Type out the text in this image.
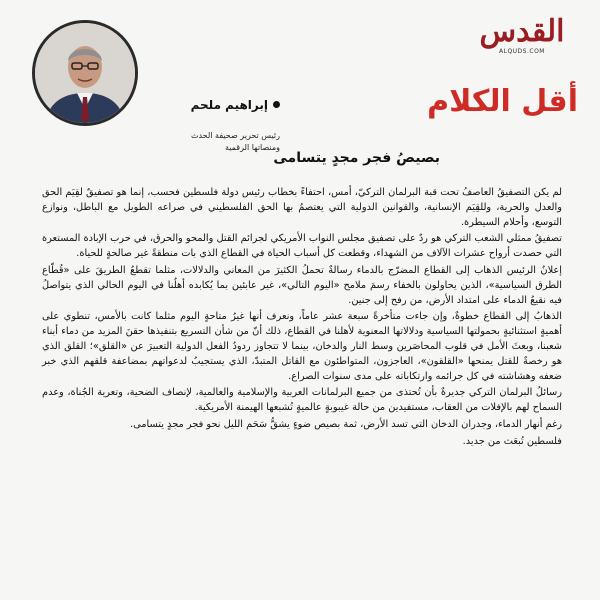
القدس
ALQUDS.COM
أقل الكلام
إبراهيم ملحم
رئيس تحرير صحيفة الحدث
ومنصاتها الرقمية
بصيصُ فجر مجدٍ يتسامى

لم يكن التصفيقُ العاصفُ تحت قبة البرلمان التركيّ، أمس، احتفاءً بخطاب رئيس دولة فلسطين فحسب، إنما هو تصفيقٌ لقِيَم الحق والعدل والحرية، وللقِيَم الإنسانية، والقوانين الدولية التي يعتصمُ بها الحق الفلسطيني في صراعه الطويل مع الباطل، ونوازع التوسع، وأحلام السيطرة.

تصفيقُ ممثلي الشعب التركي هو ردٌ على تصفيق مجلس النواب الأمريكي لجرائم القتل والمحو والحرق، في حرب الإبادة المستعرة التي حصدت أرواح عشرات الآلاف من الشهداء، وقطعت كل أسباب الحياة في القطاع الذي بات منطقةً غير صالحةٍ للحياة.

إعلانُ الرئيس الذهاب إلى القطاع المضرّج بالدماء رسالةٌ تحملُ الكثيرَ من المعاني والدلالات، مثلما تقطعُ الطريقَ على «قُطّاع الطرق السياسية»، الذين يحاولون بالخفاء رسمَ ملامح «اليوم التالي»، غير عابئين بما يُكابده أهلُنا في اليوم الحالي الذي يتواصلُ فيه نقيعُ الدماء على امتداد الأرض، من رفح إلى جنين.

الذهابُ إلى القطاع خطوةٌ، وإن جاءت متأخرةً سبعة عشر عاماً، ونعرف أنها غيرُ متاحةٍ اليوم مثلما كانت بالأمس، تنطوي على أهميةٍ استثنائيةٍ بحمولتها السياسية ودلالاتها المعنوية لأهلنا في القطاع، ذلك أنّ من شأن التسريع بتنفيذها حقنَ المزيد من دماء أبناء شعبنا، وبعثَ الأمل في قلوب المحاصَرين وسط النار والدخان، بينما لا تتجاوز ردودُ الفعل الدولية التعبيرَ عن «القلق»؛ القلق الذي هو رخصةٌ للقتل يمنحها «القلقون»، العاجزون، المتواطئون مع القاتل المتبدّ، الذي يستجيبُ لدعواتهم بمضاعفة قلقهم الذي خبر ضعفه وهشاشته في كل جرائمه وارتكاباته على مدى سنوات الصراع.

رسائلُ البرلمان التركي جديرةٌ بأن تُحتذى من جميع البرلمانات العربية والإسلامية والعالمية، لإنصاف الضحية، وتعرية الجُناة، وعدم السماح لهم بالإفلات من العقاب، مستفيدين من حالة غيبوبةٍ عالميةٍ تُشبعها الهيمنة الأمريكية.

رغم أنهار الدماء، وجدران الدخان التي تسد الأرض، ثمة بصيص ضوءٍ يشقُّ سَحَم الليل نحو فجر مجدٍ يتسامى.

فلسطين تُبعَث من جديد.
